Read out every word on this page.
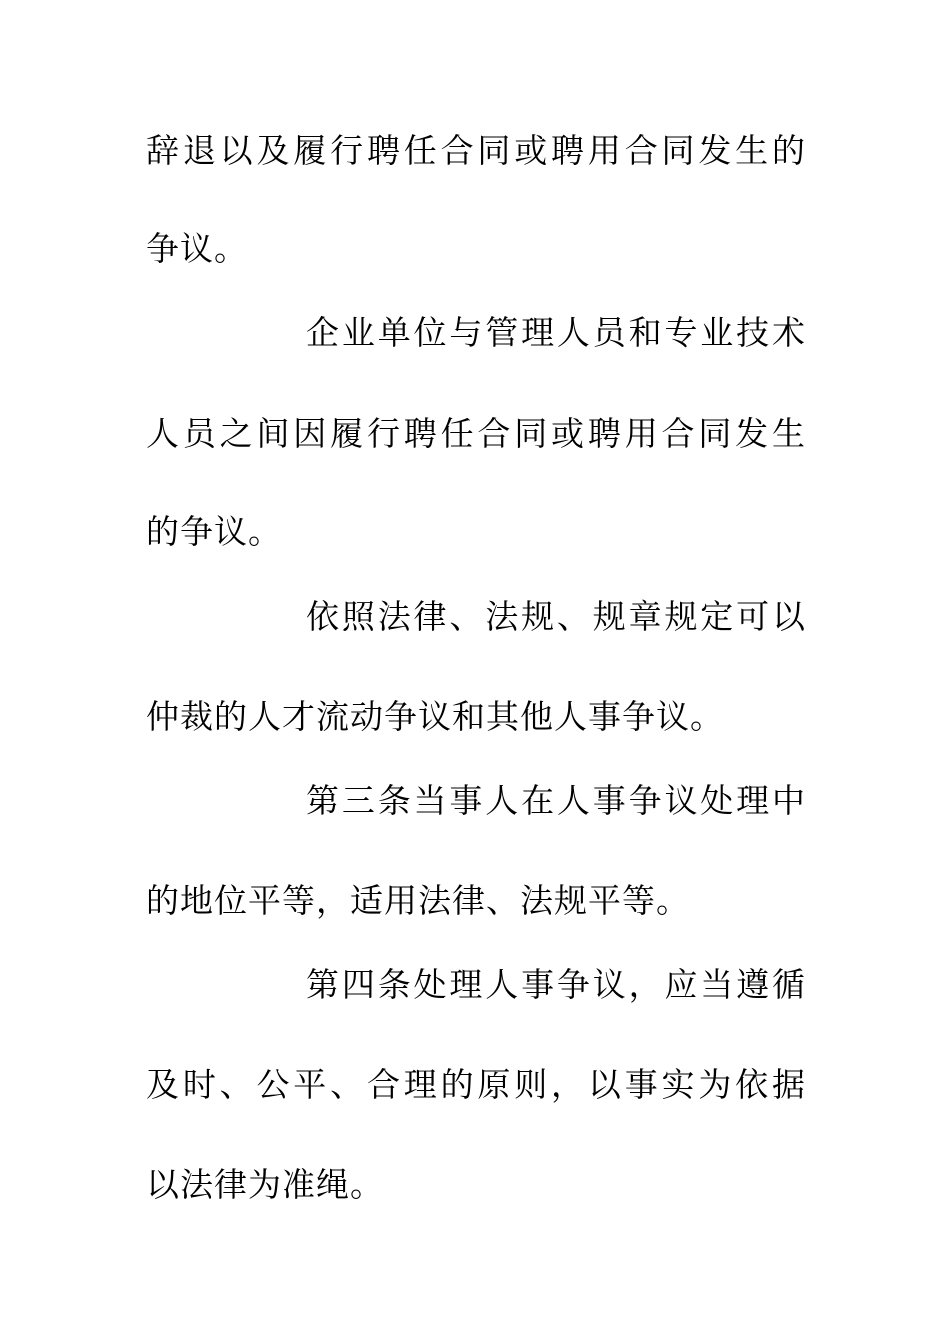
辞退以及履行聘任合同或聘用合同发生的
争议。
企业单位与管理人员和专业技术
人员之间因履行聘任合同或聘用合同发生
的争议。
依照法律、法规、规章规定可以
仲裁的人才流动争议和其他人事争议。
第三条当事人在人事争议处理中
的地位平等，适用法律、法规平等。
第四条处理人事争议，应当遵循
及时、公平、合理的原则，以事实为依据
以法律为准绳。
